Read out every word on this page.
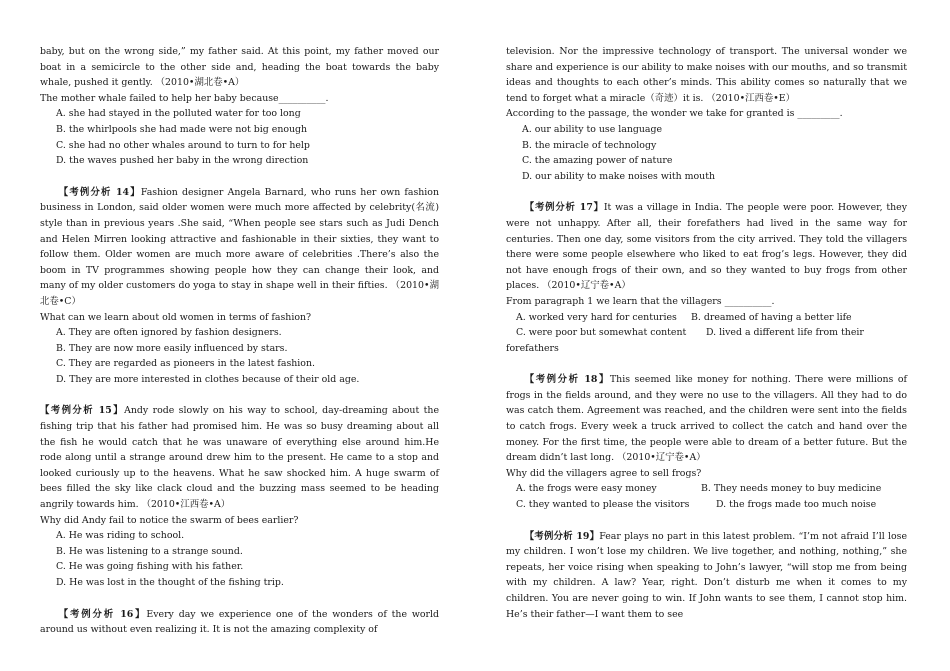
baby, but on the wrong side,” my father said. At this point, my father moved our boat in a semicircle to the other side and, heading the boat towards the baby whale, pushed it gently. （2010•湖北卷•A）

The mother whale failed to help her baby because__________.
A. she had stayed in the polluted water for too long
B. the whirlpools she had made were not big enough
C. she had no other whales around to turn to for help
D. the waves pushed her baby in the wrong direction

【考例分析 14】Fashion designer Angela Barnard, who runs her own fashion business in London, said older women were much more affected by celebrity(名流) style than in previous years .She said, “When people see stars such as Judi Dench and Helen Mirren looking attractive and fashionable in their sixties, they want to follow them. Older women are much more aware of celebrities .There’s also the boom in TV programmes showing people how they can change their look, and many of my older customers do yoga to stay in shape well in their fifties. （2010•湖北卷•C）

What can we learn about old women in terms of fashion?
A. They are often ignored by fashion designers.
B. They are now more easily influenced by stars.
C. They are regarded as pioneers in the latest fashion.
D. They are more interested in clothes because of their old age.

【考例分析 15】Andy rode slowly on his way to school, day-dreaming about the fishing trip that his father had promised him. He was so busy dreaming about all the fish he would catch that he was unaware of everything else around him.He rode along until a strange around drew him to the present. He came to a stop and looked curiously up to the heavens. What he saw shocked him. A huge swarm of bees filled the sky like clack cloud and the buzzing mass seemed to be heading angrily towards him. （2010•江西卷•A）

Why did Andy fail to notice the swarm of bees earlier?
A. He was riding to school.
B. He was listening to a strange sound.
C. He was going fishing with his father.
D. He was lost in the thought of the fishing trip.

【考例分析 16】Every day we experience one of the wonders of the world around us without even realizing it. It is not the amazing complexity of

television. Nor the impressive technology of transport. The universal wonder we share and experience is our ability to make noises with our mouths, and so transmit ideas and thoughts to each other’s minds. This ability comes so naturally that we tend to forget what a miracle（奇迹）it is. （2010•江西卷•E）

According to the passage, the wonder we take for granted is _________.
A. our ability to use language
B. the miracle of technology
C. the amazing power of nature
D. our ability to make noises with mouth

【考例分析 17】It was a village in India. The people were poor. However, they were not unhappy. After all, their forefathers had lived in the same way for centuries. Then one day, some visitors from the city arrived. They told the villagers there were some people elsewhere who liked to eat frog’s legs. However, they did not have enough frogs of their own, and so they wanted to buy frogs from other places. （2010•辽宁卷•A）

From paragraph 1 we learn that the villagers __________.
A. worked very hard for centuries	B. dreamed of having a better life
C. were poor but somewhat content	D. lived a different life from their
forefathers

【考例分析 18】This seemed like money for nothing. There were millions of frogs in the fields around, and they were no use to the villagers. All they had to do was catch them. Agreement was reached, and the children were sent into the fields to catch frogs. Every week a truck arrived to collect the catch and hand over the money. For the first time, the people were able to dream of a better future. But the dream didn’t last long. （2010•辽宁卷•A）

Why did the villagers agree to sell frogs?
A. the frogs were easy money	B. They needs money to buy medicine
C. they wanted to please the visitors	D. the frogs made too much noise

【考例分析 19】Fear plays no part in this latest problem. “I’m not afraid I’ll lose my children. I won’t lose my children. We live together, and nothing, nothing,” she repeats, her voice rising when speaking to John’s lawyer, “will stop me from being with my children. A law? Year, right. Don’t disturb me when it comes to my children. You are never going to win. If John wants to see them, I cannot stop him. He’s their father—I want them to see
